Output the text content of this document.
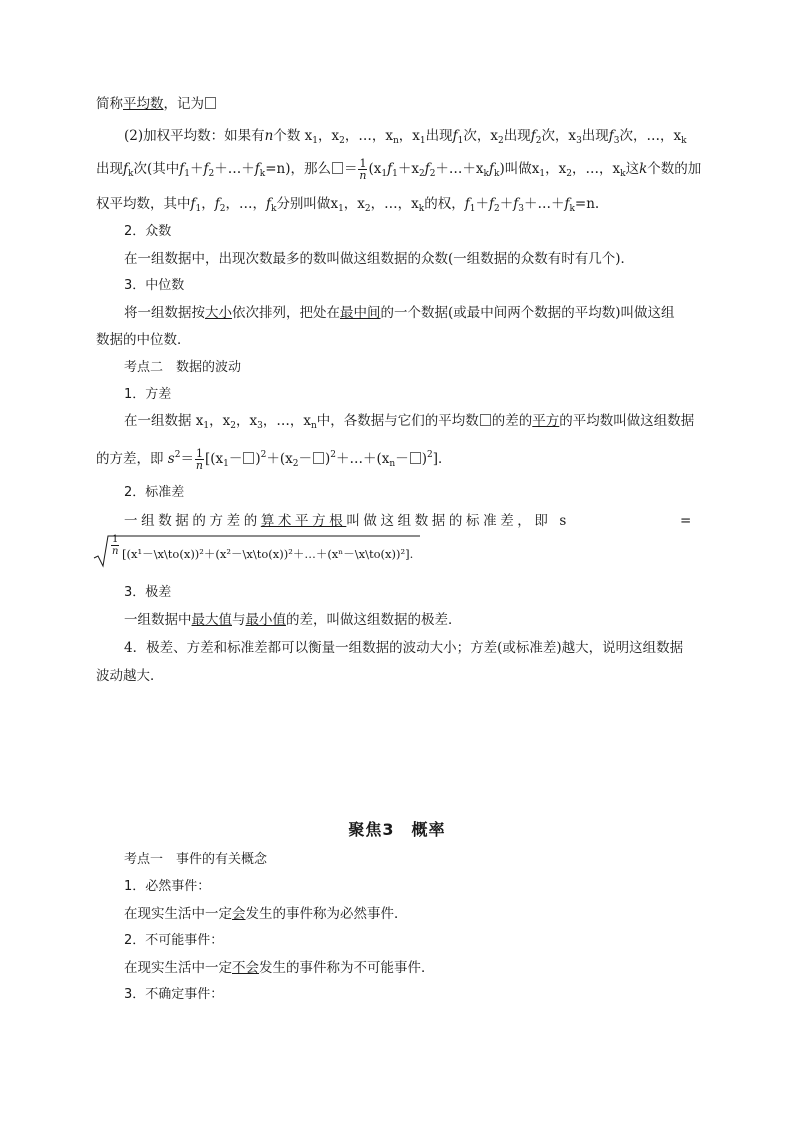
简称平均数，记为
(2)加权平均数：如果有n个数 $x_1$，$x_2$，…，$x_n$，$x_1$出现$f_1$次，$x_2$出现$f_2$次，$x_3$出现$f_3$次，…，$x_k$
出现$f_k$次(其中$f_1+f_2+\dots+f_k=n$)，那么 ＝ $\frac{1}{n}$ $(x_1f_1+x_2f_2+\dots+x_kf_k)$叫做$x_1$，$x_2$，…，$x_k$这k个数的加
权平均数，其中$f_1$，$f_2$，…，$f_k$分别叫做$x_1$，$x_2$，…，$x_k$的权，$f_1+f_2+f_3+\dots+f_k=n$.
2．众数
在一组数据中，出现次数最多的数叫做这组数据的众数(一组数据的众数有时有几个)．
3．中位数
将一组数据按大小依次排列，把处在最中间的一个数据(或最中间两个数据的平均数)叫做这组
数据的中位数．
考点二　数据的波动
1．方差
在一组数据 $x_1$，$x_2$，$x_3$，…，$x_n$中，各数据与它们的平均数 的差的平方的平均数叫做这组数据
的方差，即 $s^2= \frac{1}{n} [(x_1- )^2+(x_2-$ )$^2+\dots+(x_n- )^2$]．
2．标准差
一组数据的方差的算术平方根叫做这组数据的标准差，即 s	=
$\frac{1}{n}$ [(x¹－\x\to(x))²＋(x²－\x\to(x))²＋…＋(xⁿ－\x\to(x))²].
3．极差
一组数据中最大值与最小值的差，叫做这组数据的极差．
4．极差、方差和标准差都可以衡量一组数据的波动大小；方差(或标准差)越大，说明这组数据
波动越大．
聚焦3　概率
考点一　事件的有关概念
1．必然事件：
在现实生活中一定会发生的事件称为必然事件．
2．不可能事件：
在现实生活中一定不会发生的事件称为不可能事件．
3．不确定事件：
